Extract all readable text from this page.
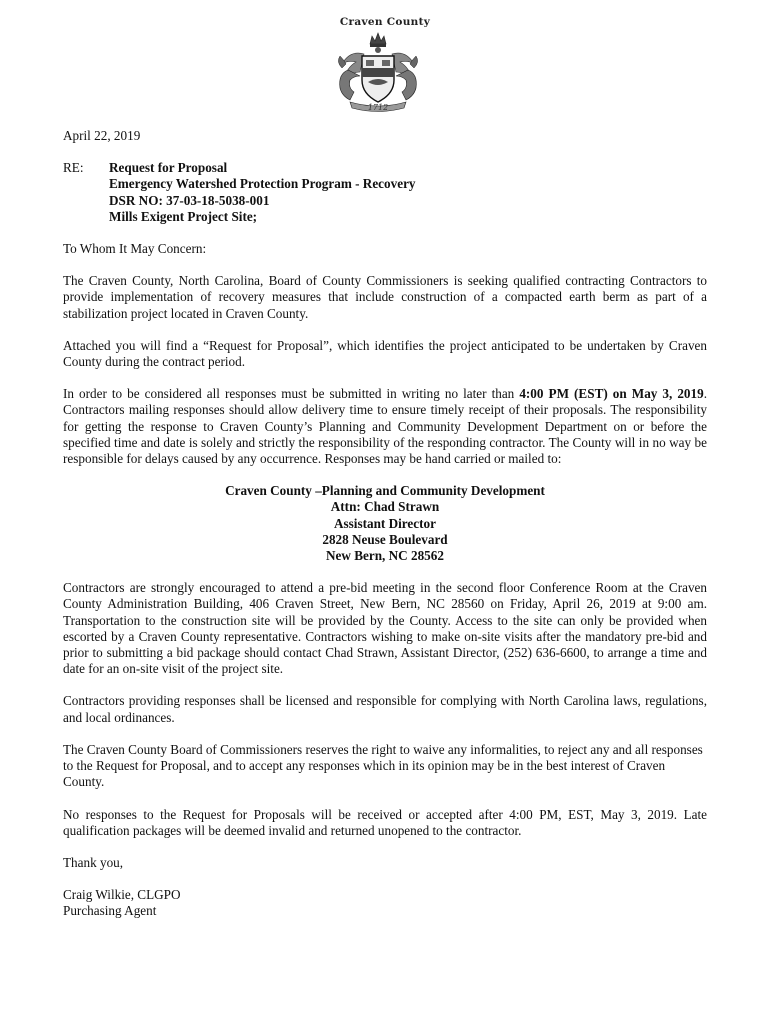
Craven County
1712

April 22, 2019

RE:	Request for Proposal
Emergency Watershed Protection Program - Recovery
DSR NO: 37-03-18-5038-001
Mills Exigent Project Site;

To Whom It May Concern:

The Craven County, North Carolina, Board of County Commissioners is seeking qualified contracting Contractors to provide implementation of recovery measures that include construction of a compacted earth berm as part of a stabilization project located in Craven County.

Attached you will find a “Request for Proposal”, which identifies the project anticipated to be undertaken by Craven County during the contract period.

In order to be considered all responses must be submitted in writing no later than 4:00 PM (EST) on May 3, 2019. Contractors mailing responses should allow delivery time to ensure timely receipt of their proposals. The responsibility for getting the response to Craven County’s Planning and Community Development Department on or before the specified time and date is solely and strictly the responsibility of the responding contractor. The County will in no way be responsible for delays caused by any occurrence. Responses may be hand carried or mailed to:

Craven County –Planning and Community Development
Attn: Chad Strawn
Assistant Director
2828 Neuse Boulevard
New Bern, NC 28562

Contractors are strongly encouraged to attend a pre-bid meeting in the second floor Conference Room at the Craven County Administration Building, 406 Craven Street, New Bern, NC 28560 on Friday, April 26, 2019 at 9:00 am. Transportation to the construction site will be provided by the County. Access to the site can only be provided when escorted by a Craven County representative. Contractors wishing to make on-site visits after the mandatory pre-bid and prior to submitting a bid package should contact Chad Strawn, Assistant Director, (252) 636-6600, to arrange a time and date for an on-site visit of the project site.

Contractors providing responses shall be licensed and responsible for complying with North Carolina laws, regulations, and local ordinances.

The Craven County Board of Commissioners reserves the right to waive any informalities, to reject any and all responses to the Request for Proposal, and to accept any responses which in its opinion may be in the best interest of Craven County.

No responses to the Request for Proposals will be received or accepted after 4:00 PM, EST, May 3, 2019. Late qualification packages will be deemed invalid and returned unopened to the contractor.

Thank you,

Craig Wilkie, CLGPO

Purchasing Agent
